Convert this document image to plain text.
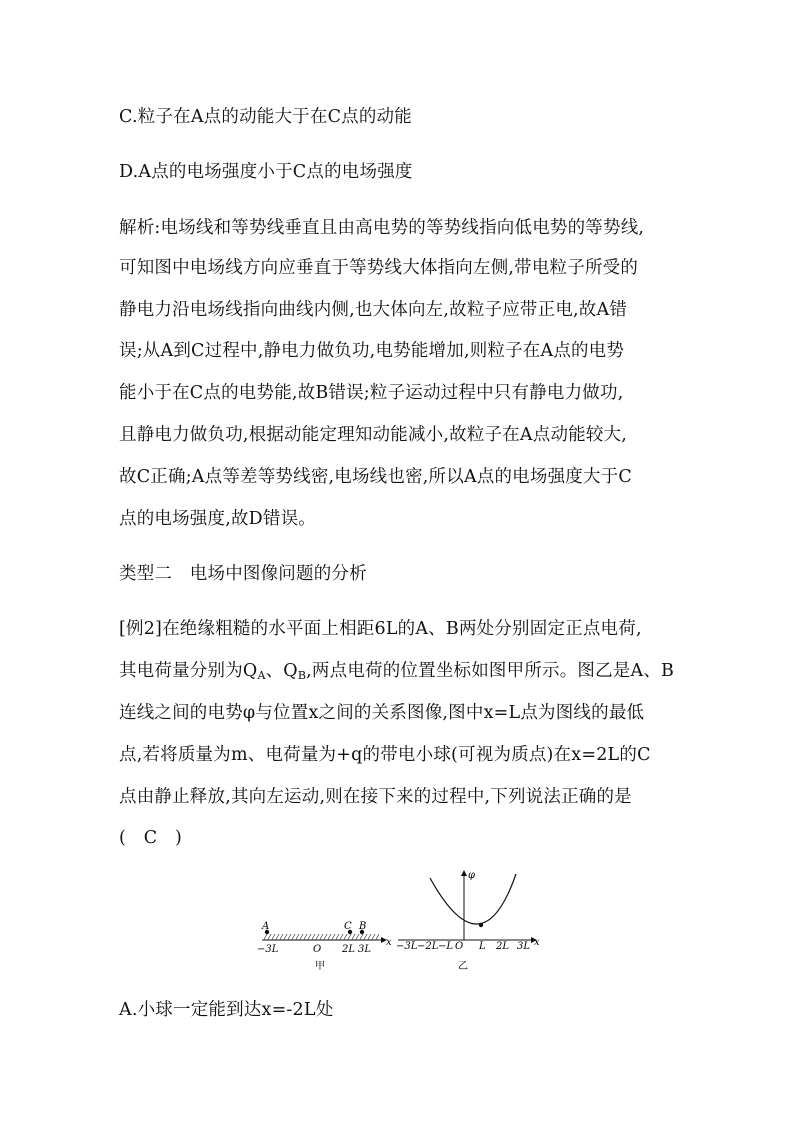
C.粒子在A点的动能大于在C点的动能
D.A点的电场强度小于C点的电场强度
解析:电场线和等势线垂直且由高电势的等势线指向低电势的等势线,
可知图中电场线方向应垂直于等势线大体指向左侧,带电粒子所受的
静电力沿电场线指向曲线内侧,也大体向左,故粒子应带正电,故A错
误;从A到C过程中,静电力做负功,电势能增加,则粒子在A点的电势
能小于在C点的电势能,故B错误;粒子运动过程中只有静电力做功,
且静电力做负功,根据动能定理知动能减小,故粒子在A点动能较大,
故C正确;A点等差等势线密,电场线也密,所以A点的电场强度大于C
点的电场强度,故D错误。
类型二　电场中图像问题的分析
[例2]在绝缘粗糙的水平面上相距6L的A、B两处分别固定正点电荷,
其电荷量分别为$Q_A$、$Q_B$,两点电荷的位置坐标如图甲所示。图乙是A、B
连线之间的电势φ与位置x之间的关系图像,图中x=L点为图线的最低
点,若将质量为m、电荷量为+q的带电小球(可视为质点)在x=2L的C
点由静止释放,其向左运动,则在接下来的过程中,下列说法正确的是
(　C　)
x
A	C B
−3L	O 2L 3L
甲
x
φ
−3L −2L −L O L 2L 3L
乙
A.小球一定能到达x=-2L处
